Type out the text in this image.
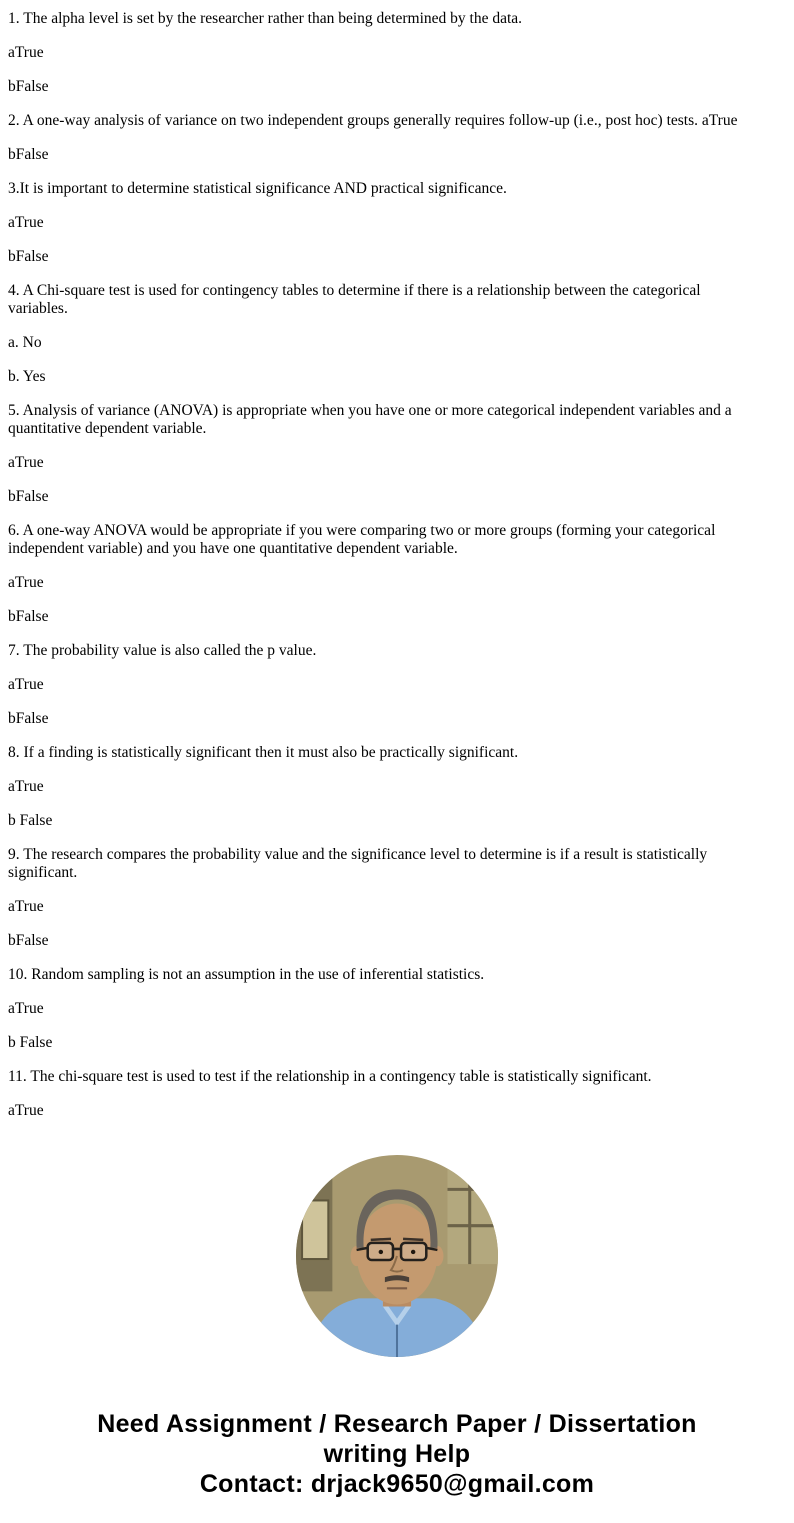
1. The alpha level is set by the researcher rather than being determined by the data.

aTrue

bFalse

2. A one-way analysis of variance on two independent groups generally requires follow-up (i.e., post hoc) tests. aTrue

bFalse

3.It is important to determine statistical significance AND practical significance.

aTrue

bFalse

4. A Chi-square test is used for contingency tables to determine if there is a relationship between the categorical variables.

a. No

b. Yes

5. Analysis of variance (ANOVA) is appropriate when you have one or more categorical independent variables and a quantitative dependent variable.

aTrue

bFalse

6. A one-way ANOVA would be appropriate if you were comparing two or more groups (forming your categorical independent variable) and you have one quantitative dependent variable.

aTrue

bFalse

7. The probability value is also called the p value.

aTrue

bFalse

8. If a finding is statistically significant then it must also be practically significant.

aTrue

b False

9. The research compares the probability value and the significance level to determine is if a result is statistically significant.

aTrue

bFalse

10. Random sampling is not an assumption in the use of inferential statistics.

aTrue

b False

11. The chi-square test is used to test if the relationship in a contingency table is statistically significant.

aTrue

Need Assignment / Research Paper / Dissertation
writing Help
Contact: drjack9650@gmail.com
